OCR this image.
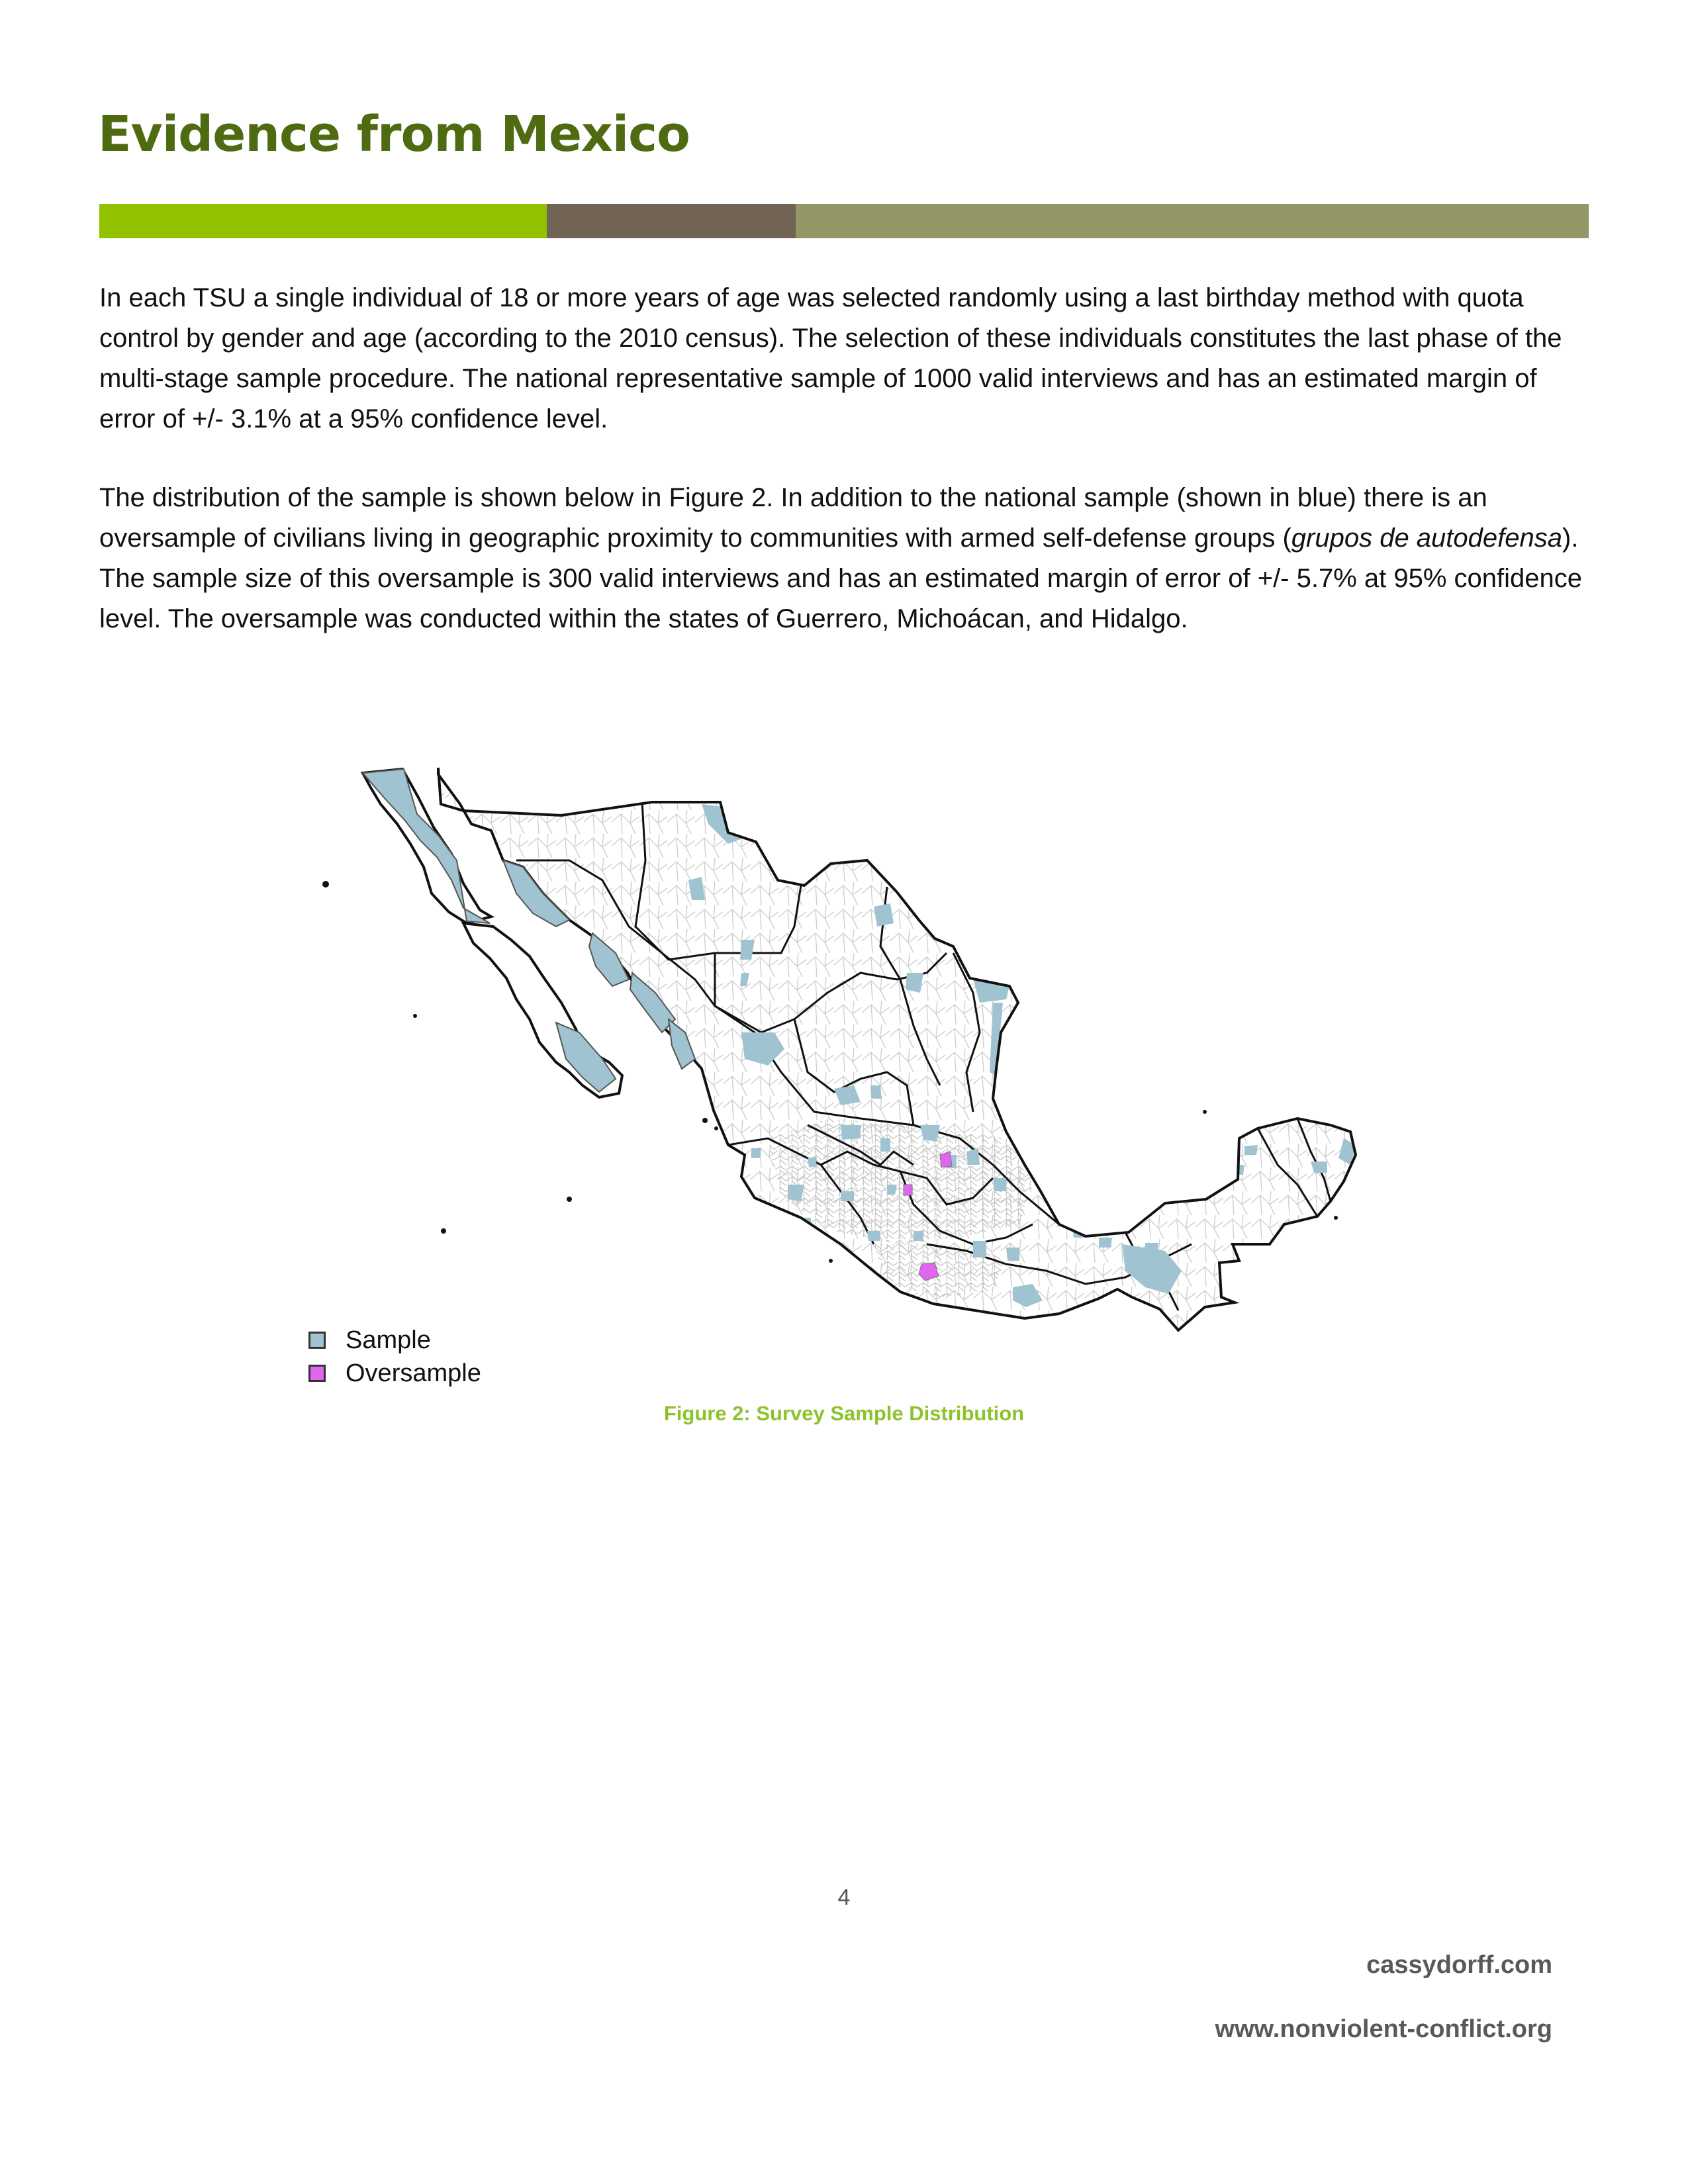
Evidence from Mexico

In each TSU a single individual of 18 or more years of age was selected randomly using a last birthday method with quota control by gender and age (according to the 2010 census). The selection of these individuals constitutes the last phase of the multi-stage sample procedure. The national representative sample of 1000 valid interviews and has an estimated margin of error of +/- 3.1% at a 95% confidence level.

The distribution of the sample is shown below in Figure 2. In addition to the national sample (shown in blue) there is an oversample of civilians living in geographic proximity to communities with armed self-defense groups (grupos de autodefensa). The sample size of this oversample is 300 valid interviews and has an estimated margin of error of +/- 5.7% at 95% confidence level. The oversample was conducted within the states of Guerrero, Michoácan, and Hidalgo.

Sample
Oversample
Figure 2: Survey Sample Distribution
4
cassydorff.com
www.nonviolent-conflict.org
